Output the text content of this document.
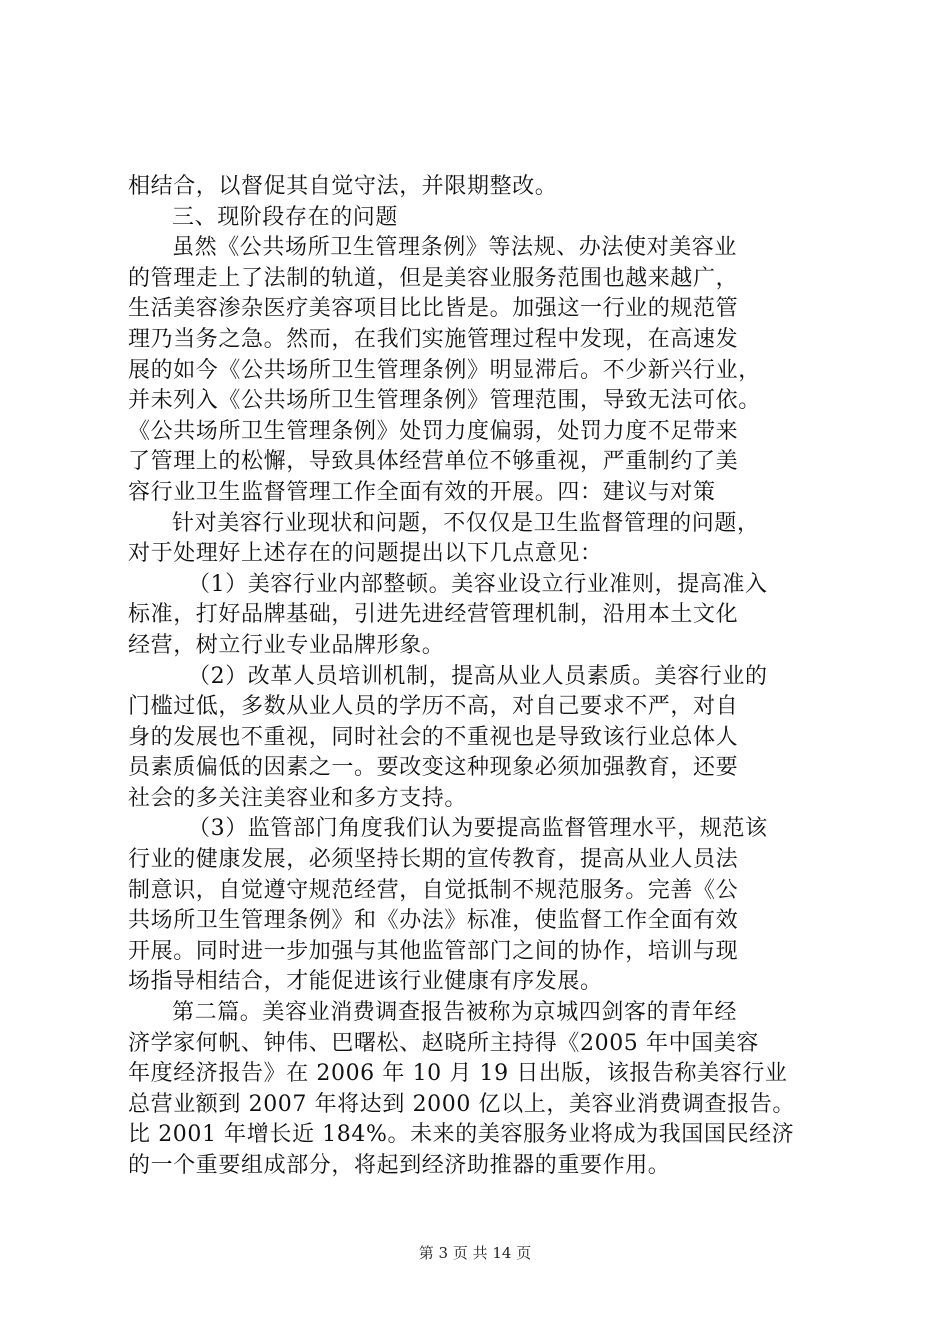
相结合，以督促其自觉守法，并限期整改。
三、现阶段存在的问题
虽然《公共场所卫生管理条例》等法规、办法使对美容业
的管理走上了法制的轨道，但是美容业服务范围也越来越广，
生活美容渗杂医疗美容项目比比皆是。加强这一行业的规范管
理乃当务之急。然而，在我们实施管理过程中发现，在高速发
展的如今《公共场所卫生管理条例》明显滞后。不少新兴行业，
并未列入《公共场所卫生管理条例》管理范围，导致无法可依。
《公共场所卫生管理条例》处罚力度偏弱，处罚力度不足带来
了管理上的松懈，导致具体经营单位不够重视，严重制约了美
容行业卫生监督管理工作全面有效的开展。四：建议与对策
针对美容行业现状和问题，不仅仅是卫生监督管理的问题，
对于处理好上述存在的问题提出以下几点意见：
（1）美容行业内部整顿。美容业设立行业准则，提高准入
标准，打好品牌基础，引进先进经营管理机制，沿用本土文化
经营，树立行业专业品牌形象。
（2）改革人员培训机制，提高从业人员素质。美容行业的
门槛过低，多数从业人员的学历不高，对自己要求不严，对自
身的发展也不重视，同时社会的不重视也是导致该行业总体人
员素质偏低的因素之一。要改变这种现象必须加强教育，还要
社会的多关注美容业和多方支持。
（3）监管部门角度我们认为要提高监督管理水平，规范该
行业的健康发展，必须坚持长期的宣传教育，提高从业人员法
制意识，自觉遵守规范经营，自觉抵制不规范服务。完善《公
共场所卫生管理条例》和《办法》标准，使监督工作全面有效
开展。同时进一步加强与其他监管部门之间的协作，培训与现
场指导相结合，才能促进该行业健康有序发展。
第二篇。美容业消费调查报告被称为京城四剑客的青年经
济学家何帆、钟伟、巴曙松、赵晓所主持得《2005 年中国美容
年度经济报告》在 2006 年 10 月 19 日出版，该报告称美容行业
总营业额到 2007 年将达到 2000 亿以上，美容业消费调查报告。
比 2001 年增长近 184%。未来的美容服务业将成为我国国民经济
的一个重要组成部分，将起到经济助推器的重要作用。
第 3 页 共 14 页
